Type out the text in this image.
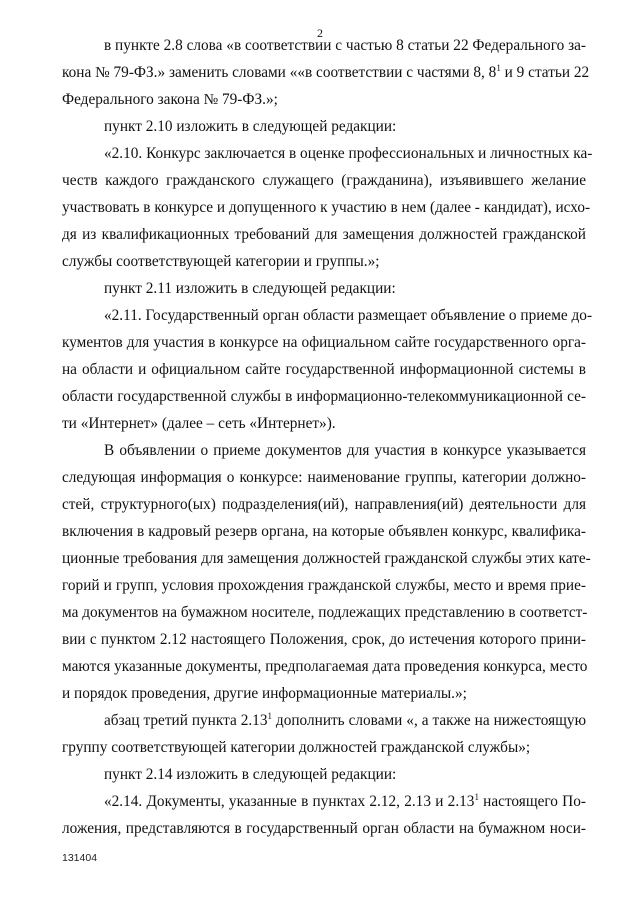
2
в пункте 2.8 слова «в соответствии с частью 8 статьи 22 Федерального за-
кона № 79-ФЗ.» заменить словами ««в соответствии с частями 8, $8^1$ и 9 статьи 22
Федерального закона № 79-ФЗ.»;
пункт 2.10 изложить в следующей редакции:
«2.10. Конкурс заключается в оценке профессиональных и личностных ка-
честв каждого гражданского служащего (гражданина), изъявившего желание
участвовать в конкурсе и допущенного к участию в нем (далее - кандидат), исхо-
дя из квалификационных требований для замещения должностей гражданской
службы соответствующей категории и группы.»;
пункт 2.11 изложить в следующей редакции:
«2.11. Государственный орган области размещает объявление о приеме до-
кументов для участия в конкурсе на официальном сайте государственного орга-
на области и официальном сайте государственной информационной системы в
области государственной службы в информационно-телекоммуникационной се-
ти «Интернет» (далее – сеть «Интернет»).
В объявлении о приеме документов для участия в конкурсе указывается
следующая информация о конкурсе: наименование группы, категории должно-
стей, структурного(ых) подразделения(ий), направления(ий) деятельности для
включения в кадровый резерв органа, на которые объявлен конкурс, квалифика-
ционные требования для замещения должностей гражданской службы этих кате-
горий и групп, условия прохождения гражданской службы, место и время прие-
ма документов на бумажном носителе, подлежащих представлению в соответст-
вии с пунктом 2.12 настоящего Положения, срок, до истечения которого прини-
маются указанные документы, предполагаемая дата проведения конкурса, место
и порядок проведения, другие информационные материалы.»;
абзац третий пункта 2.13$^1$ дополнить словами «, а также на нижестоящую
группу соответствующей категории должностей гражданской службы»;
пункт 2.14 изложить в следующей редакции:
«2.14. Документы, указанные в пунктах 2.12, 2.13 и 2.13$^1$ настоящего По-
ложения, представляются в государственный орган области на бумажном носи-
131404
